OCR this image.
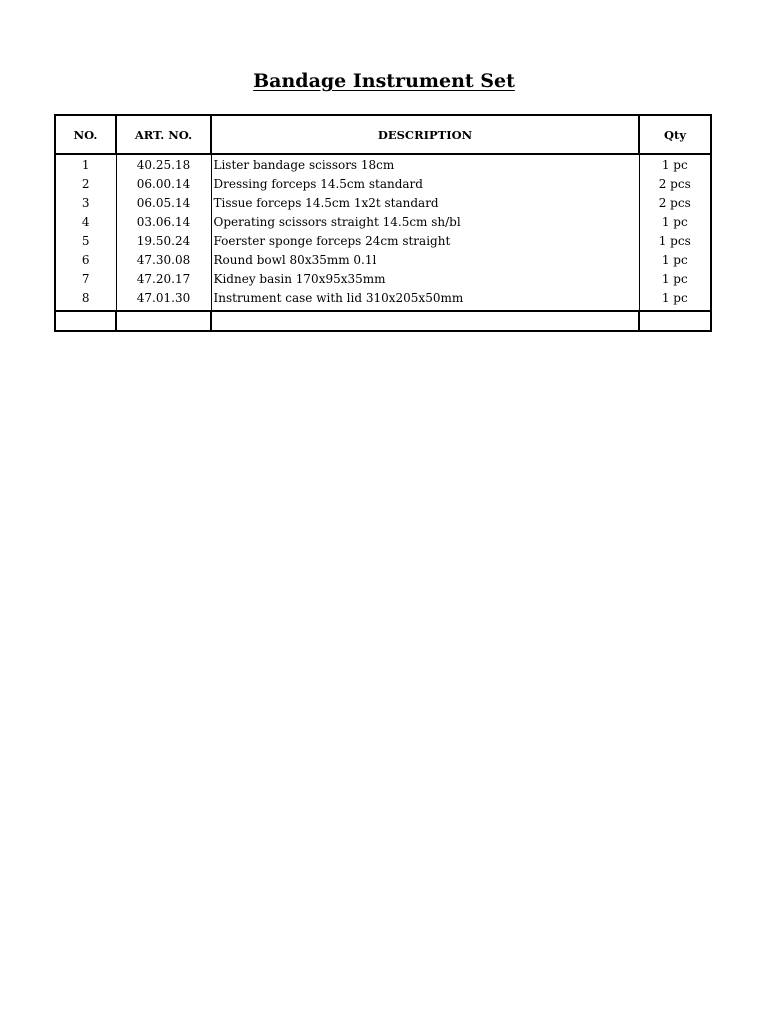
Bandage Instrument Set
NO.	ART. NO.	DESCRIPTION	Qty
1	40.25.18	Lister bandage scissors 18cm	1 pc
2	06.00.14	Dressing forceps 14.5cm standard	2 pcs
3	06.05.14	Tissue forceps 14.5cm 1x2t standard	2 pcs
4	03.06.14	Operating scissors straight 14.5cm sh/bl	1 pc
5	19.50.24	Foerster sponge forceps 24cm straight	1 pcs
6	47.30.08	Round bowl 80x35mm 0.1l	1 pc
7	47.20.17	Kidney basin 170x95x35mm	1 pc
8	47.01.30	Instrument case with lid 310x205x50mm	1 pc
